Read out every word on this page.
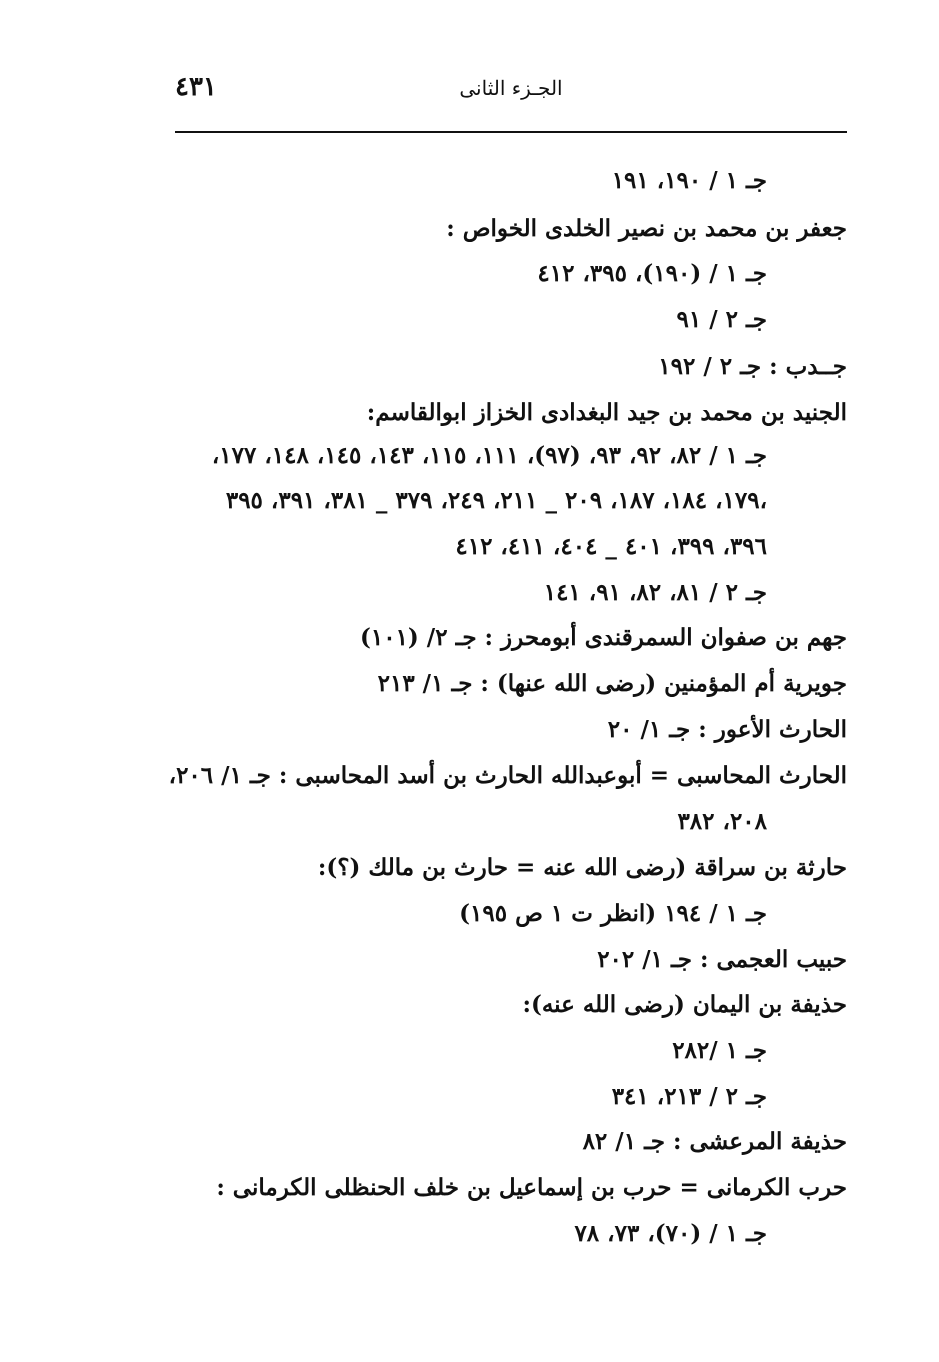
٤٣١	الجـزء الثانى
جـ ١ / ١٩٠، ١٩١
جعفر بن محمد بن نصير الخلدى الخواص :
جـ ١ / (١٩٠)، ٣٩٥، ٤١٢
جـ ٢ / ٩١
جــدب : جـ ٢ / ١٩٢
الجنيد بن محمد بن جيد البغدادى الخزاز ابوالقاسم:
جـ ١ / ٨٢، ٩٢، ٩٣، (٩٧)، ١١١، ١١٥، ١٤٣، ١٤٥، ١٤٨، ١٧٧،
١٧٩، ١٨٤، ١٨٧، ٢٠٩ _ ٢١١، ٢٤٩، ٣٧٩ _ ٣٨١، ٣٩١، ٣٩٥،
٣٩٦، ٣٩٩، ٤٠١ _ ٤٠٤، ٤١١، ٤١٢
جـ ٢ / ٨١، ٨٢، ٩١، ١٤١
جهم بن صفوان السمرقندى أبومحرز : جـ ٢/ (١٠١)
جويرية أم المؤمنين (رضى الله عنها) : جـ ١/ ٢١٣
الحارث الأعور : جـ ١/ ٢٠
الحارث المحاسبى = أبوعبدالله الحارث بن أسد المحاسبى : جـ ١/ ٢٠٦،
٢٠٨، ٣٨٢
حارثة بن سراقة (رضى الله عنه = حارث بن مالك (؟):
جـ ١ / ١٩٤ (انظر ت ١ ص ١٩٥)
حبيب العجمى : جـ ١/ ٢٠٢
حذيفة بن اليمان (رضى الله عنه):
جـ ١ /٢٨٢
جـ ٢ / ٢١٣، ٣٤١
حذيفة المرعشى : جـ ١/ ٨٢
حرب الكرمانى = حرب بن إسماعيل بن خلف الحنظلى الكرمانى :
جـ ١ / (٧٠)، ٧٣، ٧٨
